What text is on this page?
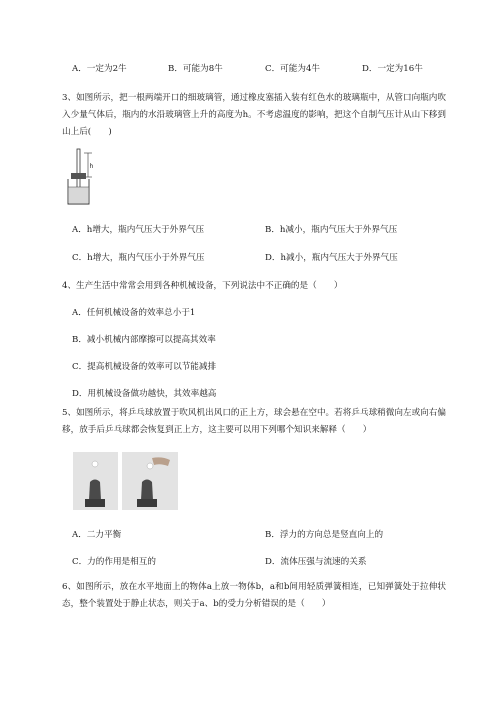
A．一定为2牛	B．可能为8牛	C．可能为4牛	D．一定为16牛
3、如图所示，把一根两端开口的细玻璃管，通过橡皮塞插入装有红色水的玻璃瓶中，从管口向瓶内吹入少量气体后，瓶内的水沿玻璃管上升的高度为h。不考虑温度的影响，把这个自制气压计从山下移到山上后(　　)
h
A．h增大，瓶内气压大于外界气压	B．h减小，瓶内气压大于外界气压
C．h增大，瓶内气压小于外界气压	D．h减小，瓶内气压大于外界气压
4、生产生活中常常会用到各种机械设备，下列说法中不正确的是（　　）
A．任何机械设备的效率总小于1
B．减小机械内部摩擦可以提高其效率
C．提高机械设备的效率可以节能减排
D．用机械设备做功越快，其效率越高
5、如图所示，将乒乓球放置于吹风机出风口的正上方，球会悬在空中。若将乒乓球稍微向左或向右偏移，放手后乒乓球都会恢复到正上方，这主要可以用下列哪个知识来解释（　　）
A．二力平衡	B．浮力的方向总是竖直向上的
C．力的作用是相互的	D．流体压强与流速的关系
6、如图所示，放在水平地面上的物体a上放一物体b，a和b间用轻质弹簧相连，已知弹簧处于拉伸状态，整个装置处于静止状态，则关于a、b的受力分析错误的是（　　）
